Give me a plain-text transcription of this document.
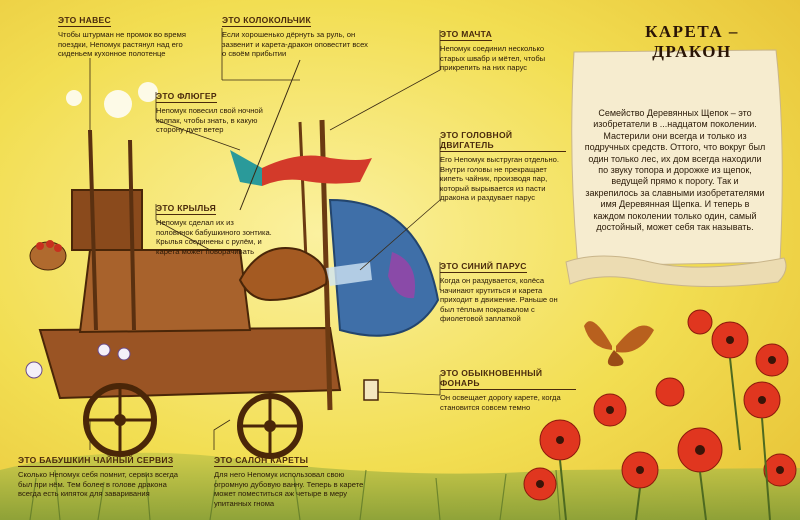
ЭТО НАВЕС
Чтобы штурман не промок во время поездки, Непомук растянул над его сиденьем кухонное полотенце
ЭТО КОЛОКОЛЬЧИК
Если хорошенько дёрнуть за руль, он зазвенит и карета-дракон оповестит всех о своём прибытии
ЭТО МАЧТА
Непомук соединил несколько старых швабр и мётел, чтобы прикрепить на них парус
ЭТО ФЛЮГЕР
Непомук повесил свой ночной колпак, чтобы знать, в какую сторону дует ветер
ЭТО ГОЛОВНОЙ ДВИГАТЕЛЬ
Его Непомук выструган отдельно. Внутри головы не прекращает кипеть чайник, производя пар, который вырывается из пасти дракона и раздувает парус
ЭТО КРЫЛЬЯ
Непомук сделал их из половинок бабушкиного зонтика. Крылья соединены с рулём, и карета может поворачивать
ЭТО СИНИЙ ПАРУС
Когда он раздувается, колёса начинают крутиться и карета приходит в движение. Раньше он был тёплым покрывалом с фиолетовой заплаткой
ЭТО ОБЫКНОВЕННЫЙ ФОНАРЬ
Он освещает дорогу карете, когда становится совсем темно
ЭТО БАБУШКИН ЧАЙНЫЙ СЕРВИЗ
Сколько Непомук себя помнит, сервиз всегда был при нём. Тем более в голове дракона всегда есть кипяток для заваривания
ЭТО САЛОН КАРЕТЫ
Для него Непомук использовал свою огромную дубовую ванну. Теперь в карете может поместиться аж четыре в меру упитанных гнома
КАРЕТА – ДРАКОН
Семейство Деревянных Щепок – это изобретатели в ...надцатом поколении. Мастерили они всегда и только из подручных средств. Оттого, что вокруг был один только лес, их дом всегда находили по звуку топора и дорожке из щепок, ведущей прямо к порогу. Так и закрепилось за славными изобретателями имя Деревянная Щепка. И теперь в каждом поколении только один, самый достойный, может себя так называть.
